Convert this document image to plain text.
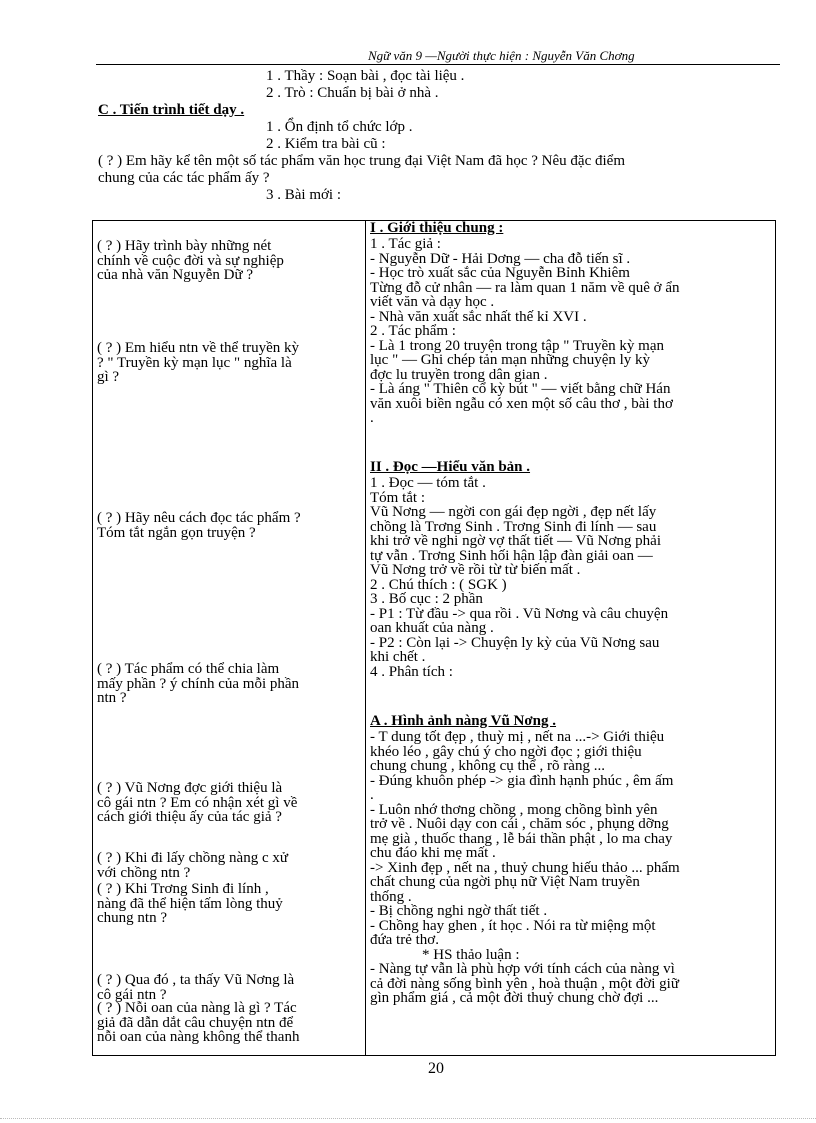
Ngữ văn 9 —Người thực hiện : Nguyễn Văn Chơng
1 . Thầy : Soạn bài , đọc tài liệu .
2 . Trò : Chuẩn bị bài ở nhà .
C . Tiến trình tiết dạy .
1 . Ổn định tổ chức lớp .
2 . Kiểm tra bài cũ :
( ? ) Em hãy kể tên một số tác phẩm văn học trung đại Việt Nam đã học ? Nêu đặc điểm
chung của các tác phẩm ấy ?
3 . Bài mới :
( ? ) Hãy trình bày những nét
chính về cuộc đời và sự nghiệp
của nhà văn Nguyễn Dữ ?
( ? ) Em hiểu ntn về thể truyền kỳ
? " Truyền kỳ mạn lục " nghĩa là
gì ?
( ? ) Hãy nêu cách đọc tác phẩm ?
Tóm tắt ngắn gọn truyện ?
( ? ) Tác phẩm có thể chia làm
mấy phần ? ý chính của mỗi phần
ntn ?
( ? ) Vũ Nơng đợc giới thiệu là
cô gái ntn ? Em có nhận xét gì về
cách giới thiệu ấy của tác giả ?
( ? ) Khi đi lấy chồng nàng c xử
với chồng ntn ?
( ? ) Khi Trơng Sinh đi lính ,
nàng đã thể hiện tấm lòng thuỷ
chung ntn ?
( ? ) Qua đó , ta thấy Vũ Nơng là
cô gái ntn ?
( ? ) Nỗi oan của nàng là gì ? Tác
giả đã dẫn dắt câu chuyện ntn để
nỗi oan của nàng không thể thanh

I . Giới thiệu chung :
1 . Tác giả :
- Nguyễn Dữ - Hải Dơng — cha đỗ tiến sĩ .
- Học trò xuất sắc của Nguyễn Bỉnh Khiêm
Từng đỗ cử nhân — ra làm quan 1 năm về quê ở ẩn
viết văn và dạy học .
- Nhà văn xuất sắc nhất thế kỉ XVI .
2 . Tác phẩm :
- Là 1 trong 20 truyện trong tập " Truyền kỳ mạn
lục " — Ghi chép tản mạn những chuyện ly kỳ
đợc lu truyền trong dân gian .
- Là áng " Thiên cổ kỳ bút " — viết bằng chữ Hán
văn xuôi biền ngẫu có xen một số câu thơ , bài thơ
.
II . Đọc —Hiểu văn bản .
1 . Đọc — tóm tắt .
Tóm tắt :
Vũ Nơng — ngời con gái đẹp ngời , đẹp nết lấy
chồng là Trơng Sinh . Trơng Sinh đi lính — sau
khi trở về nghi ngờ vợ thất tiết — Vũ Nơng phải
tự vẫn . Trơng Sinh hối hận lập đàn giải oan —
Vũ Nơng trở về rồi từ từ biến mất .
2 . Chú thích : ( SGK )
3 . Bố cục : 2 phần
- P1 : Từ đầu -> qua rồi . Vũ Nơng và câu chuyện
oan khuất của nàng .
- P2 : Còn lại -> Chuyện ly kỳ của Vũ Nơng sau
khi chết .
4 . Phân tích :
A . Hình ảnh nàng Vũ Nơng .
- T dung tốt đẹp , thuỳ mị , nết na ...-> Giới thiệu
khéo léo , gây chú ý cho ngời đọc ; giới thiệu
chung chung , không cụ thể , rõ ràng ...
- Đúng khuôn phép -> gia đình hạnh phúc , êm ấm
.
- Luôn nhớ thơng chồng , mong chồng bình yên
trở về . Nuôi dạy con cái , chăm sóc , phụng dỡng
mẹ già , thuốc thang , lễ bái thần phật , lo ma chay
chu đáo khi mẹ mất .
-> Xinh đẹp , nết na , thuỷ chung hiếu thảo ... phẩm
chất chung của ngời phụ nữ Việt Nam truyền
thống .
- Bị chồng nghi ngờ thất tiết .
- Chồng hay ghen , ít học . Nói ra từ miệng một
đứa trẻ thơ.
* HS thảo luận :
- Nàng tự vẫn là phù hợp với tính cách của nàng vì
cả đời nàng sống bình yên , hoà thuận , một đời giữ
gìn phẩm giá , cả một đời thuỷ chung chờ đợi ...
20
